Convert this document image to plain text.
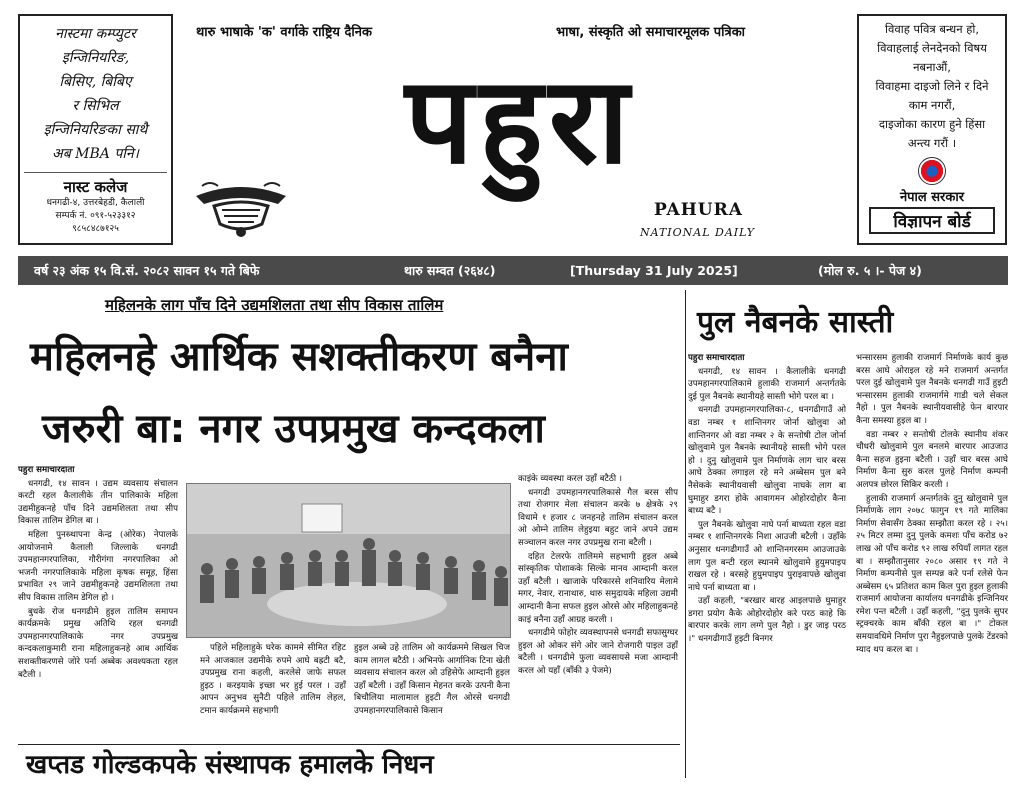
नास्टमा कम्प्युटर
इन्जिनियरिङ,
बिसिए, बिबिए
र सिभिल
इन्जिनियरिङका साथै
अब MBA पनि।
नास्ट कलेज
धनगढी-४, उत्तरबेहडी, कैलाली
सम्पर्क नं. ०९१-५२३३१२
९८५८४८७१२५
विवाह पवित्र बन्धन हो,
विवाहलाई लेनदेनको विषय
नबनाऔं,
विवाहमा दाइजो लिने र दिने
काम नगरौं,
दाइजोका कारण हुने हिंसा
अन्त्य गरौं ।
नेपाल सरकार
विज्ञापन बोर्ड
थारु भाषाके 'क' वर्गाके राष्ट्रिय दैनिक	भाषा, संस्कृति ओ समाचारमूलक पत्रिका
पहुरा
PAHURA
NATIONAL DAILY
वर्ष २३ अंक १५ वि.सं. २०८२ सावन १५ गते बिफे	थारु सम्वत (२६४८)	[Thursday 31 July 2025]	(मोल रु. ५ ।- पेज ४)
महिलनके लाग पाँच दिने उद्यमशिलता तथा सीप विकास तालिम
महिलनहे आर्थिक सशक्तीकरण बनैना
जरुरी बा: नगर उपप्रमुख कन्दकला

पहुरा समाचारदाता

धनगढी, १४ सावन । उद्यम व्यवसाय संचालन करटी रहल कैलालीके तीन पालिकाके महिला उद्यमीहुकनहे पाँच दिने उद्यमशिलता तथा सीप विकास तालिम डेगिल बा ।

महिला पुनस्र्थापना केन्द्र (ओरेक) नेपालके आयोजनामे कैलाली जिल्लाके धनगढी उपमहानगरपालिका, गौरीगंगा नगरपालिका ओ भजनी नगरपालिकाके महिला कृषक समूह, हिंसा प्रभावित २९ जाने उद्यमीहुकनहे उद्यमशिलता तथा सीप विकास तालिम डेगिल हो ।

बुधके रोज धनगढीमे हुइल तालिम समापन कार्यक्रमके प्रमुख अतिथि रहल धनगढी उपमहानगरपालिकाके नगर उपप्रमुख कन्दकलाकुमारी राना महिलाहुकनहे आब आर्थिक सशक्तीकरणसे जोरे पर्ना अब्बेक अवश्यकता रहल बटैली ।

पहिले महिलाहुके घरेक काममे सीमित रहिट मने आजकाल उद्यमीके रुपमे आघे बह्रटी बटै, उपप्रमुख राना कहली, करलेसे जाफे सफल हुइठ । करइयाके इच्छा भर हुई परल । उहाँ आपन अनुभव सुनैटी पहिले तालिम लेहल, टमान कार्यक्रममे सहभागी

हुइल अब्बे उहे तालिम ओ कार्यक्रममे सिखल चिज काम लागल बटैठी । अभिनफे आर्गानिक टिना खेती व्यवसाय संचालन करल ओ उहिसेफे आम्दानी हुइल उहाँ बटैली । उहाँ किसान मेहनत करके उत्पनी कैना बिचौलिया मालामाल हुइटी गैल ओरसे धनगढी उपमहानगरपालिकासे किसान

काइंके व्यवस्था करल उहाँ बटैठी ।

धनगढी उपमहानगरपालिकासे गैल बरस सीप तथा रोजगार मेला संचालन करके ७ क्षेत्रके २९ विधामे १ हजार ८ जनहनहे तालिम संचालन करल ओ ओम्ने तालिम लेहुइया बहुट जाने अपने उद्यम सञ्चालन करल नगर उपप्रमुख राना बटैली ।

दहित टेलरफे तालिममे सहभागी हुइल अब्बे सांस्कृतिक पोशाकके सिल्के मानव आम्दानी करल उहाँ बटैली । खाजाके परिकारसे शनिवारिय मेलामे मगर, नेवार, रानाथारु, थारु समुदायके महिला उद्यमी आम्दानी कैना सफल हुइल ओरसे ओर महिलाहुकनहे काइं बनैना उहाँ आग्रह करली ।

धनगढीमे फोहोर व्यवस्थापनसे धनगढी सफासुग्घर हुइल ओ ओकर संगे ओर जाने रोजगारी पाइल उहाँ बटैली । धनगढीमे फुला व्यवसायसे मजा आम्दानी करल ओ यहाँ (बाँकी ३ पेजमे)

पुल नैबनके सास्ती

पहुरा समाचारदाता

धनगढी, १४ सावन । कैलालीके धनगढी उपमहानगरपालिकामे हुलाकी राजमार्ग अन्तर्गतके दुई पुल नैबनके स्थानीयहे सास्ती भोगे परल बा ।

धनगढी उपमहानगरपालिका-८, धनगढीगाउँ ओ वडा नम्बर १ शान्तिनगर जोर्ना खोलुवा ओ शान्तिनगर ओ वडा नम्बर २ के सन्तोषी टोल जोर्ना खोलुवामे पुल नैबनके स्थानीयहे सास्ती भोगे परल हो । दुनु खोलुवामे पुल निर्माणके लाग चार बरस आघे ठेक्का लगाइल रहे मने अब्बेसम पुल बने नैसेकके स्थानीयवासी खोलुवा नाघके लाग बा घुमाहुर डगरा होके आवागमन ओहोरदोहोर कैना बाध्य बटै ।

पुल नैबनके खोलुवा नाघे पर्ना बाध्यता रहल वडा नम्बर १ शान्तिनगरके निशा आउजी बटैली । उहाँके अनुसार धनगढीगाउँ ओ शान्तिनगरसम आउजाउके लाग पुल बन्टी रहल स्थानमे खोलुवामे हुयुमपाइप राखल रहे । बरसहे हुयुमपाइप पुराइवापछे खोलुवा नाघे पर्ना बाध्यता बा ।

उहाँ कहली, "बरखार बारह आइलपाछे घुमाहुर डगरा प्रयोग कैके ओहोरदोहोर करे परठ काहे कि बारपार करके लाग लग्गे पुल नैहो । डुर जाइ परठ ।" धनगढीगाउँ हुइटी बिनगर

भन्सारसम हुलाकी राजमार्ग निर्माणके कार्य कुछ बरस आघे ओराइल रहे मने राजमार्ग अन्तर्गत परल दुई खोलुवामे पुल नैबनके धनगढी गाउँ हुइटी भन्सारसम हुलाकी राजमार्गमे गाडी चले सेकल नैहो । पुल नैबनके स्थानीयवासीहे फेन बारपार कैना समस्या हुइल बा ।

वडा नम्बर २ सन्तोषी टोलके स्थानीय शंकर चौधरी खोलुवामे पुल बनलमे बारपार आउजाउ कैना सहज हुइना बटैली । उहाँ चार बरस आघे निर्माण कैना सुरु करल पुलहे निर्माण कम्पनी अलपत्र छोरल सिकिर करली ।

हुलाकी राजमार्ग अन्तर्गतके दुनु खोलुवामे पुल निर्माणके लाग २०७८ फागुन १९ गते मालिका निर्माण सेवासँग ठेक्का सम्झौता करल रहे । २५।२५ मिटर लम्मा दुनु पुलके कमशः पाँच करोड ७२ लाख ओ पाँच करोड ९२ लाख रुपियाँ लागत रहल बा । सम्झौतानुसार २०८० असार १९ गते ने निर्माण कम्पनीसे पुल सम्पन्न करे पर्ना रलेसे फेन अब्बेसम ६५ प्रतिशत काम किल पुरा हुइल हुलाकी राजमार्ग आयोजना कार्यालय धनगढीके इन्जिनियर रमेश पन्त बटैली । उहाँ कहली, "दुनु पुलके सुपर स्ट्रक्चरके काम बाँकी रहल बा ।" टोकल समयावधिमे निर्माण पुरा नैहुइलपाछे पुलके टेंडरको म्याद थप करल बा ।

खप्तड गोल्डकपके संस्थापक हमालके निधन
